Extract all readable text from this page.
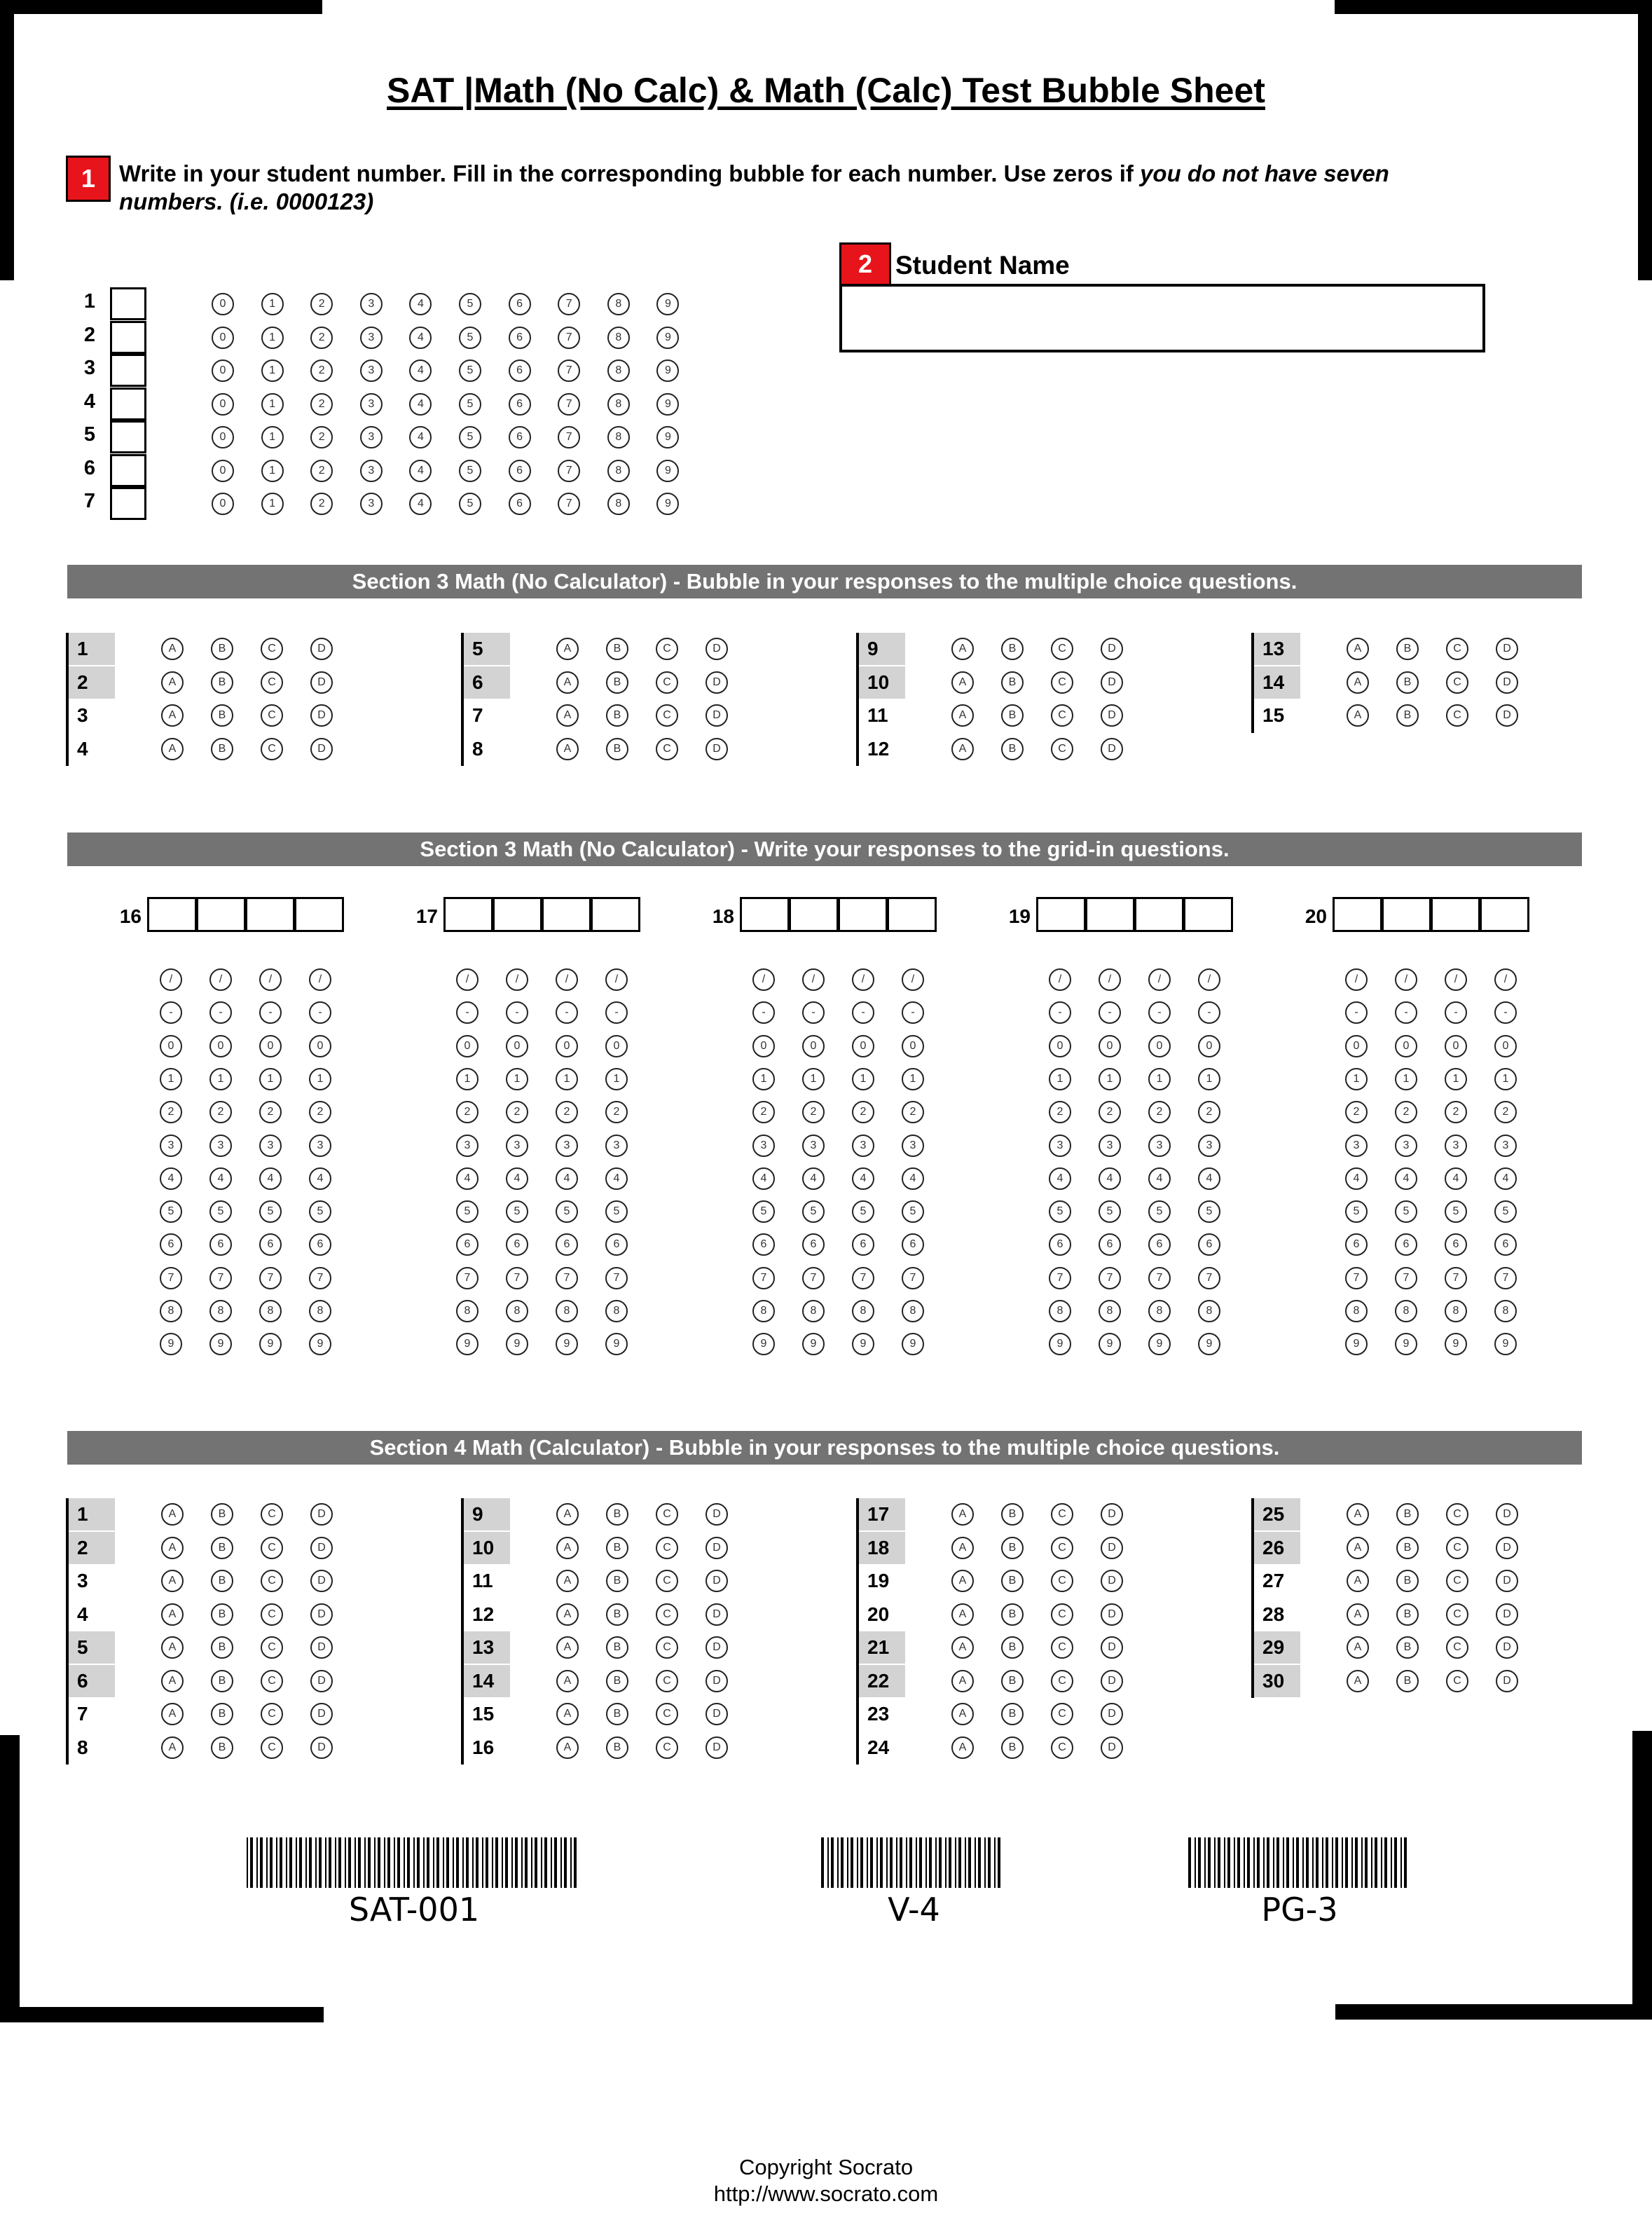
SAT |Math (No Calc) & Math (Calc) Test Bubble Sheet
1	Write in your student number. Fill in the corresponding bubble for each number. Use zeros if you do not have seven numbers. (i.e. 0000123)
1	0	1	2	3	4	5	6	7	8	9
2	0	1	2	3	4	5	6	7	8	9
3	0	1	2	3	4	5	6	7	8	9
4	0	1	2	3	4	5	6	7	8	9
5	0	1	2	3	4	5	6	7	8	9
6	0	1	2	3	4	5	6	7	8	9
7	0	1	2	3	4	5	6	7	8	9
2 Student Name
Section 3 Math (No Calculator) - Bubble in your responses to the multiple choice questions.
1	A	B	C	D
2	A	B	C	D
3	A	B	C	D
4	A	B	C	D
5	A	B	C	D
6	A	B	C	D
7	A	B	C	D
8	A	B	C	D
9	A	B	C	D
10	A	B	C	D
11	A	B	C	D
12	A	B	C	D
13	A	B	C	D
14	A	B	C	D
15	A	B	C	D
Section 3 Math (No Calculator) - Write your responses to the grid-in questions.
16
/	/	/	/
-	-	-	-
0	0	0	0
1	1	1	1
2	2	2	2
3	3	3	3
4	4	4	4
5	5	5	5
6	6	6	6
7	7	7	7
8	8	8	8
9	9	9	9
17
/	/	/	/
-	-	-	-
0	0	0	0
1	1	1	1
2	2	2	2
3	3	3	3
4	4	4	4
5	5	5	5
6	6	6	6
7	7	7	7
8	8	8	8
9	9	9	9
18
/	/	/	/
-	-	-	-
0	0	0	0
1	1	1	1
2	2	2	2
3	3	3	3
4	4	4	4
5	5	5	5
6	6	6	6
7	7	7	7
8	8	8	8
9	9	9	9
19
/	/	/	/
-	-	-	-
0	0	0	0
1	1	1	1
2	2	2	2
3	3	3	3
4	4	4	4
5	5	5	5
6	6	6	6
7	7	7	7
8	8	8	8
9	9	9	9
20
/	/	/	/
-	-	-	-
0	0	0	0
1	1	1	1
2	2	2	2
3	3	3	3
4	4	4	4
5	5	5	5
6	6	6	6
7	7	7	7
8	8	8	8
9	9	9	9
Section 4 Math (Calculator) - Bubble in your responses to the multiple choice questions.
1	A	B	C	D
2	A	B	C	D
3	A	B	C	D
4	A	B	C	D
5	A	B	C	D
6	A	B	C	D
7	A	B	C	D
8	A	B	C	D
9	A	B	C	D
10	A	B	C	D
11	A	B	C	D
12	A	B	C	D
13	A	B	C	D
14	A	B	C	D
15	A	B	C	D
16	A	B	C	D
17	A	B	C	D
18	A	B	C	D
19	A	B	C	D
20	A	B	C	D
21	A	B	C	D
22	A	B	C	D
23	A	B	C	D
24	A	B	C	D
25	A	B	C	D
26	A	B	C	D
27	A	B	C	D
28	A	B	C	D
29	A	B	C	D
30	A	B	C	D
SAT-001	V-4	PG-3
Copyright Socrato
http://www.socrato.com
